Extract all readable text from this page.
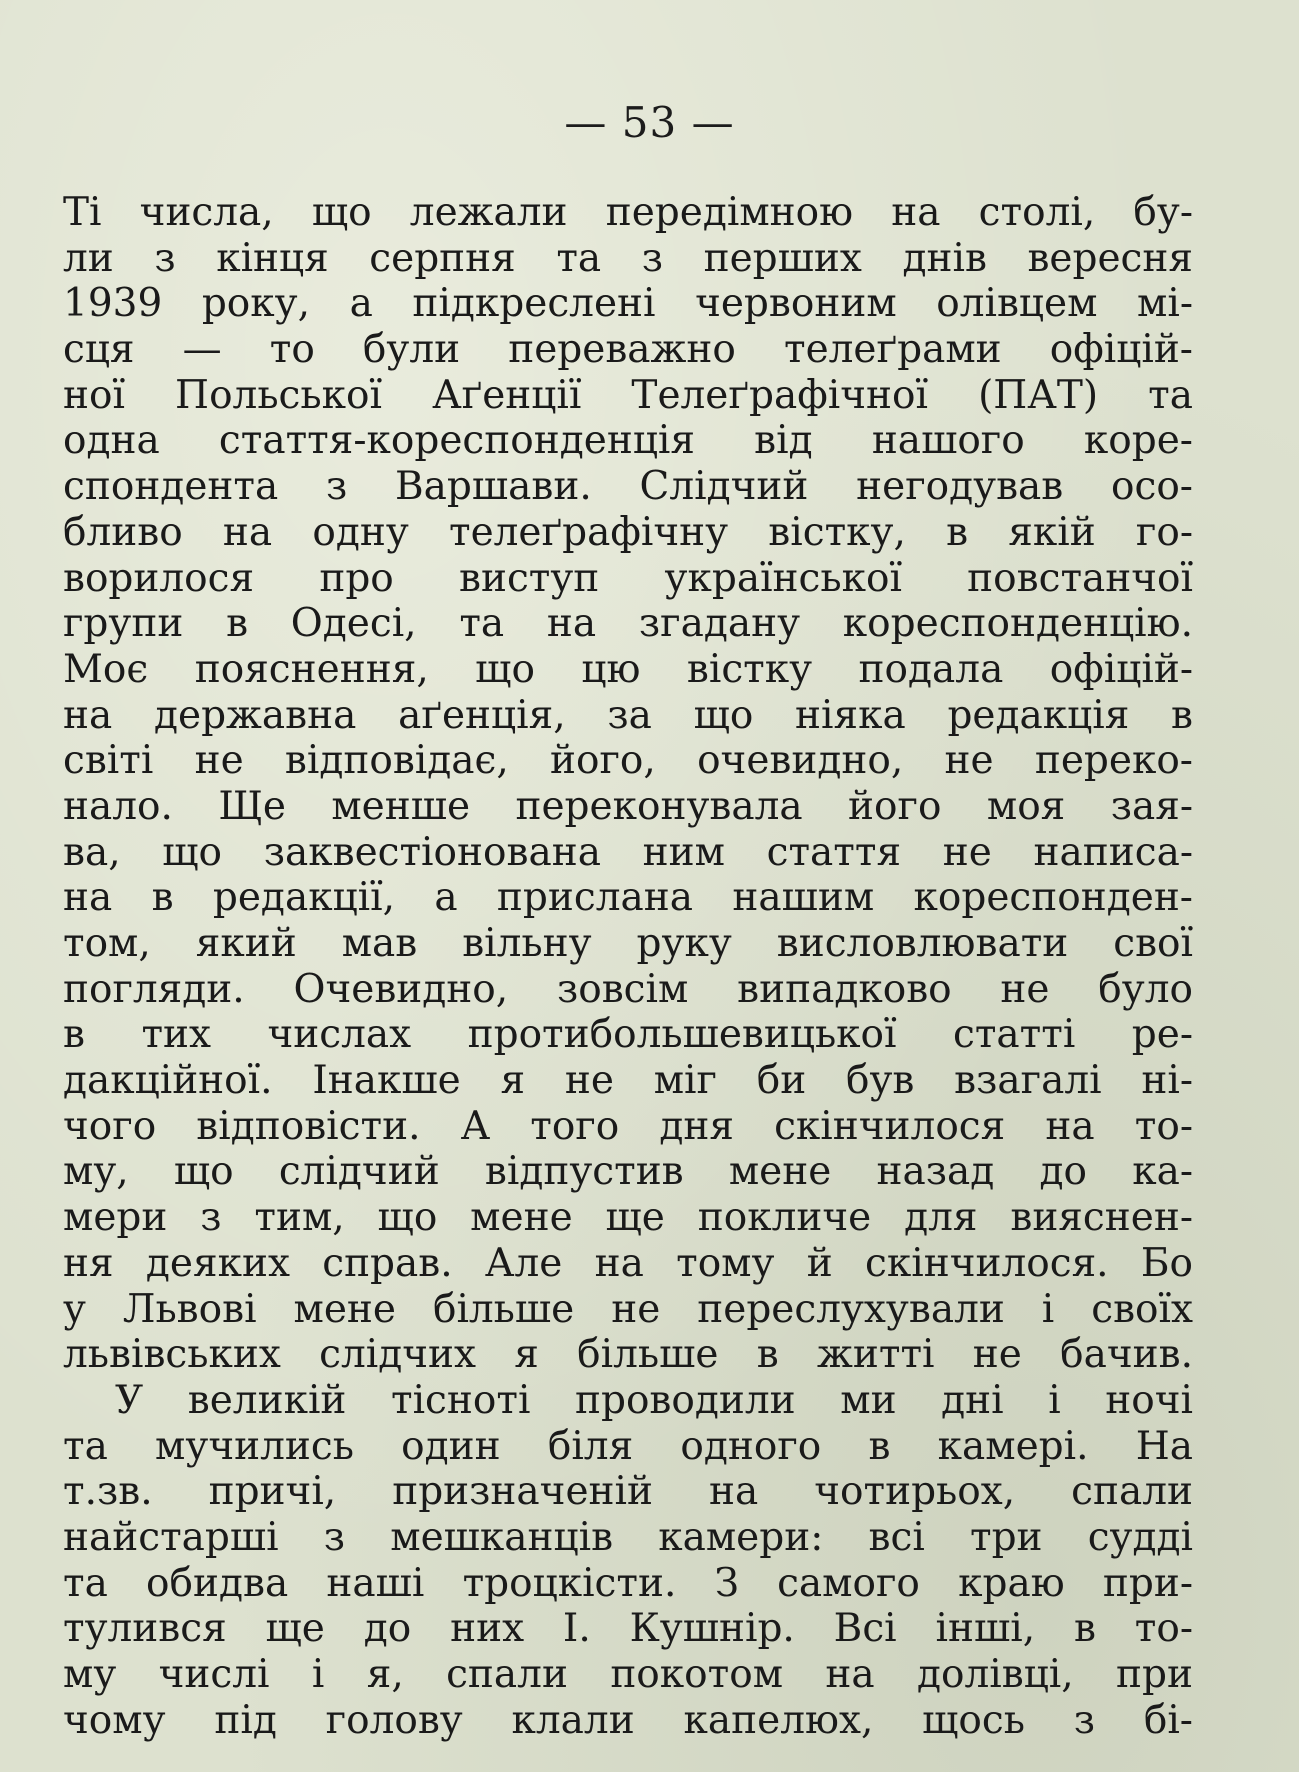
— 53 —
Ті числа, що лежали передімною на столі, бу-
ли з кінця серпня та з перших днів вересня
1939 року, а підкреслені червоним олівцем мі-
сця — то були переважно телеґрами офіцій-
ної Польської Аґенції Телеґрафічної (ПАТ) та
одна стаття-кореспонденція від нашого коре-
спондента з Варшави. Слідчий негодував осо-
бливо на одну телеґрафічну вістку, в якій го-
ворилося про виступ української повстанчої
групи в Одесі, та на згадану кореспонденцію.
Моє пояснення, що цю вістку подала офіцій-
на державна аґенція, за що ніяка редакція в
світі не відповідає, його, очевидно, не переко-
нало. Ще менше переконувала його моя зая-
ва, що заквестіонована ним стаття не написа-
на в редакції, а прислана нашим кореспонден-
том, який мав вільну руку висловлювати свої
погляди. Очевидно, зовсім випадково не було
в тих числах протибольшевицької статті ре-
дакційної. Інакше я не міг би був взагалі ні-
чого відповісти. А того дня скінчилося на то-
му, що слідчий відпустив мене назад до ка-
мери з тим, що мене ще покличе для вияснен-
ня деяких справ. Але на тому й скінчилося. Бо
у Львові мене більше не переслухували і своїх
львівських слідчих я більше в житті не бачив.
У великій тісноті проводили ми дні і ночі
та мучились один біля одного в камері. На
т.зв. причі, призначеній на чотирьох, спали
найстарші з мешканців камери: всі три судді
та обидва наші троцкісти. З самого краю при-
тулився ще до них І. Кушнір. Всі інші, в то-
му числі і я, спали покотом на долівці, при
чому під голову клали капелюх, щось з бі-
